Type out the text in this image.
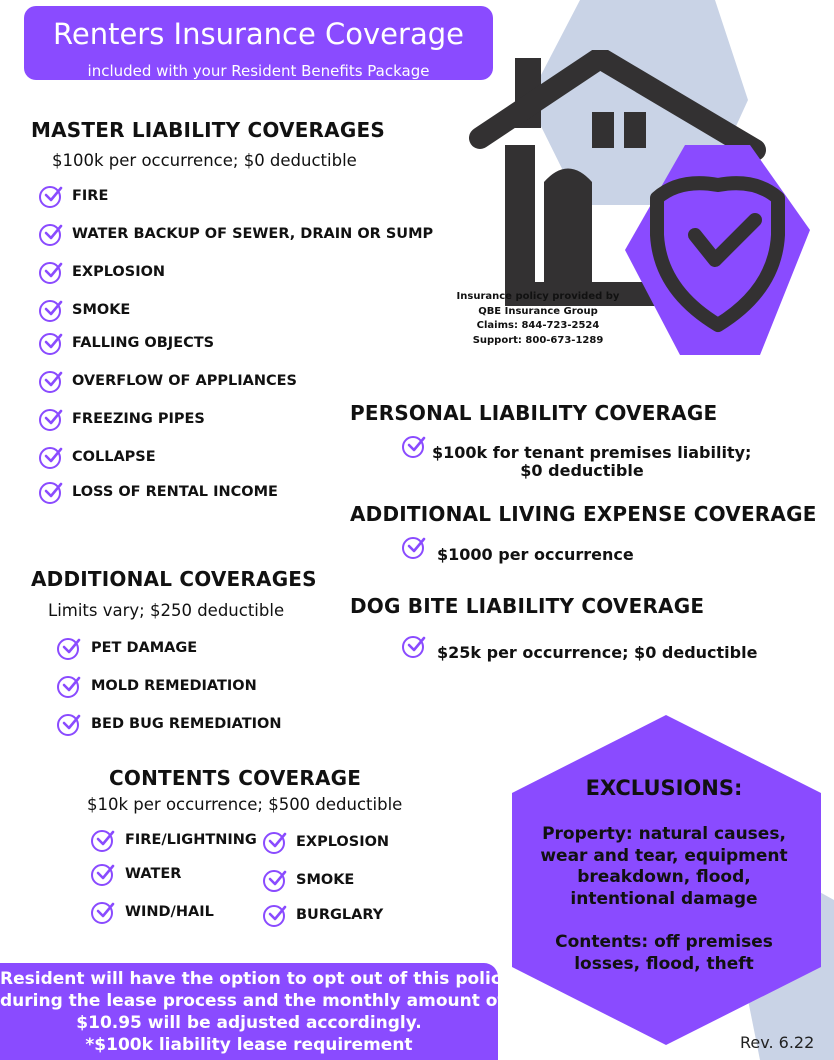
Renters Insurance Coverage
included with your Resident Benefits Package
Insurance policy provided by
QBE Insurance Group
Claims: 844-723-2524
Support: 800-673-1289
MASTER LIABILITY COVERAGES
$100k per occurrence; $0 deductible
FIRE
WATER BACKUP OF SEWER, DRAIN OR SUMP
EXPLOSION
SMOKE
FALLING OBJECTS
OVERFLOW OF APPLIANCES
FREEZING PIPES
COLLAPSE
LOSS OF RENTAL INCOME
PERSONAL LIABILITY COVERAGE
$100k for tenant premises liability;
$0 deductible
ADDITIONAL LIVING EXPENSE COVERAGE
$1000 per occurrence
DOG BITE LIABILITY COVERAGE
$25k per occurrence; $0 deductible
ADDITIONAL COVERAGES
Limits vary; $250 deductible
PET DAMAGE
MOLD REMEDIATION
BED BUG REMEDIATION
CONTENTS COVERAGE
$10k per occurrence; $500 deductible
FIRE/LIGHTNING
WATER
WIND/HAIL
EXPLOSION
SMOKE
BURGLARY
EXCLUSIONS:
Property: natural causes,
wear and tear, equipment
breakdown, flood,
intentional damage
Contents: off premises
losses, flood, theft
Resident will have the option to opt out of this policy
during the lease process and the monthly amount of
$10.95 will be adjusted accordingly.
*$100k liability lease requirement	Rev. 6.22
